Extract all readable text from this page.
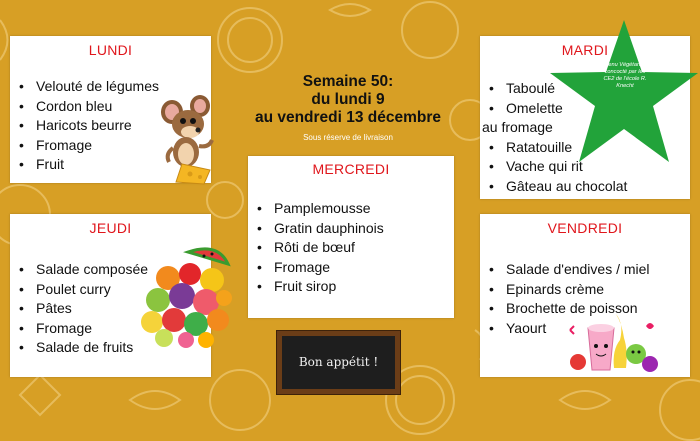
LUNDI
• Velouté de légumes
• Cordon bleu
• Haricots beurre
• Fromage
• Fruit
Semaine 50:
du lundi 9
au vendredi 13 décembre
Sous réserve de livraison
MARDI
• Taboulé
• Omelette
au fromage
• Ratatouille
• Vache qui rit
• Gâteau au chocolat
Menu Végétarien concocté par les CE2 de l'école R. Knecht
MERCREDI
• Pamplemousse
• Gratin dauphinois
• Rôti de bœuf
• Fromage
• Fruit sirop
JEUDI
• Salade composée
• Poulet curry
• Pâtes
• Fromage
• Salade de fruits
VENDREDI
• Salade d'endives / miel
• Epinards crème
• Brochette de poisson
• Yaourt
Bon appétit !
